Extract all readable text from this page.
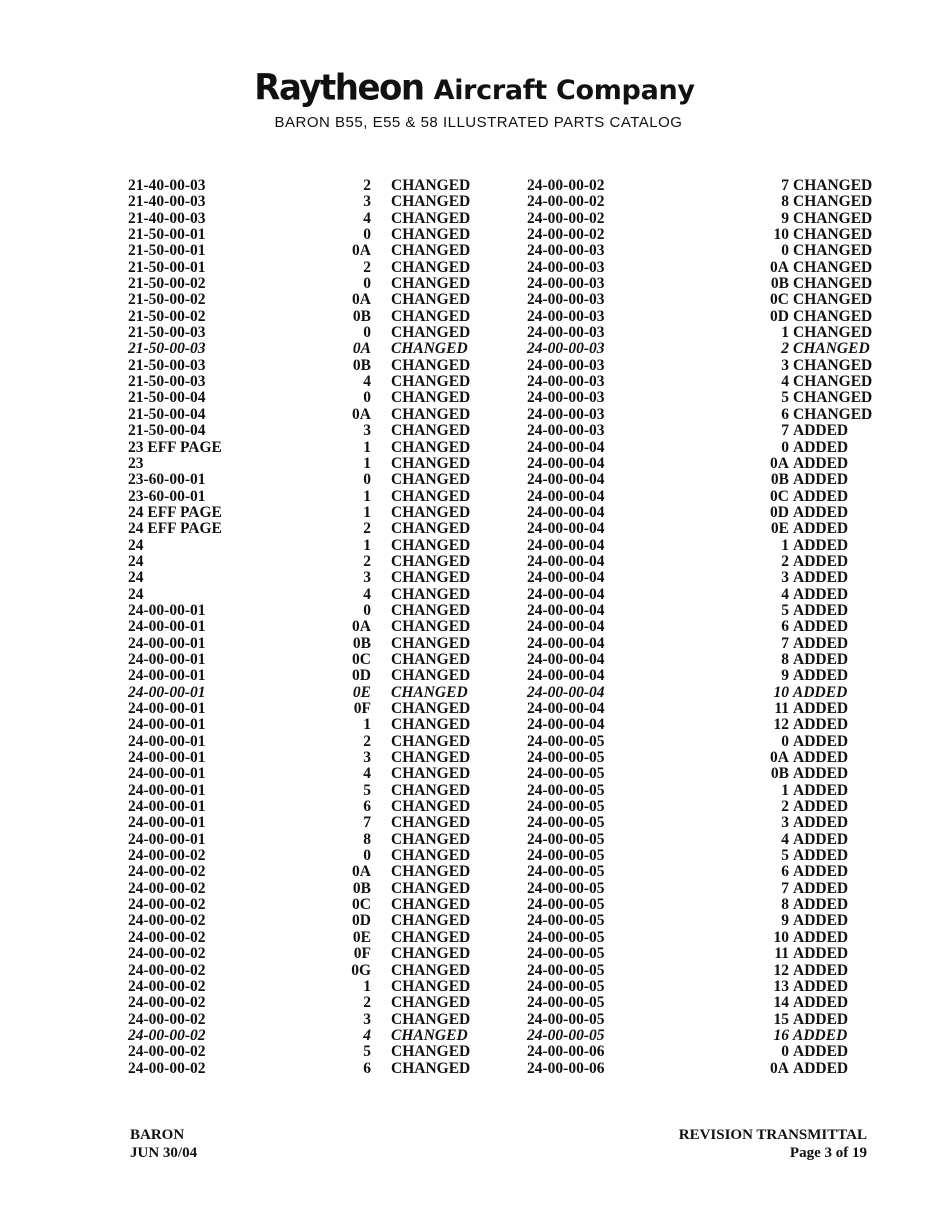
Raytheon Aircraft Company
BARON B55, E55 & 58 ILLUSTRATED PARTS CATALOG
21-40-00-03	2 CHANGED
21-40-00-03	3 CHANGED
21-40-00-03	4 CHANGED
21-50-00-01	0 CHANGED
21-50-00-01	0A CHANGED
21-50-00-01	2 CHANGED
21-50-00-02	0 CHANGED
21-50-00-02	0A CHANGED
21-50-00-02	0B CHANGED
21-50-00-03	0 CHANGED
21-50-00-03	0A CHANGED
21-50-00-03	0B CHANGED
21-50-00-03	4 CHANGED
21-50-00-04	0 CHANGED
21-50-00-04	0A CHANGED
21-50-00-04	3 CHANGED
23 EFF PAGE	1 CHANGED
23	1 CHANGED
23-60-00-01	0 CHANGED
23-60-00-01	1 CHANGED
24 EFF PAGE	1 CHANGED
24 EFF PAGE	2 CHANGED
24	1 CHANGED
24	2 CHANGED
24	3 CHANGED
24	4 CHANGED
24-00-00-01	0 CHANGED
24-00-00-01	0A CHANGED
24-00-00-01	0B CHANGED
24-00-00-01	0C CHANGED
24-00-00-01	0D CHANGED
24-00-00-01	0E CHANGED
24-00-00-01	0F CHANGED
24-00-00-01	1 CHANGED
24-00-00-01	2 CHANGED
24-00-00-01	3 CHANGED
24-00-00-01	4 CHANGED
24-00-00-01	5 CHANGED
24-00-00-01	6 CHANGED
24-00-00-01	7 CHANGED
24-00-00-01	8 CHANGED
24-00-00-02	0 CHANGED
24-00-00-02	0A CHANGED
24-00-00-02	0B CHANGED
24-00-00-02	0C CHANGED
24-00-00-02	0D CHANGED
24-00-00-02	0E CHANGED
24-00-00-02	0F CHANGED
24-00-00-02	0G CHANGED
24-00-00-02	1 CHANGED
24-00-00-02	2 CHANGED
24-00-00-02	3 CHANGED
24-00-00-02	4 CHANGED
24-00-00-02	5 CHANGED
24-00-00-02	6 CHANGED
24-00-00-02	7 CHANGED
24-00-00-02	8 CHANGED
24-00-00-02	9 CHANGED
24-00-00-02	10 CHANGED
24-00-00-03	0 CHANGED
24-00-00-03	0A CHANGED
24-00-00-03	0B CHANGED
24-00-00-03	0C CHANGED
24-00-00-03	0D CHANGED
24-00-00-03	1 CHANGED
24-00-00-03	2 CHANGED
24-00-00-03	3 CHANGED
24-00-00-03	4 CHANGED
24-00-00-03	5 CHANGED
24-00-00-03	6 CHANGED
24-00-00-03	7 ADDED
24-00-00-04	0 ADDED
24-00-00-04	0A ADDED
24-00-00-04	0B ADDED
24-00-00-04	0C ADDED
24-00-00-04	0D ADDED
24-00-00-04	0E ADDED
24-00-00-04	1 ADDED
24-00-00-04	2 ADDED
24-00-00-04	3 ADDED
24-00-00-04	4 ADDED
24-00-00-04	5 ADDED
24-00-00-04	6 ADDED
24-00-00-04	7 ADDED
24-00-00-04	8 ADDED
24-00-00-04	9 ADDED
24-00-00-04	10 ADDED
24-00-00-04	11 ADDED
24-00-00-04	12 ADDED
24-00-00-05	0 ADDED
24-00-00-05	0A ADDED
24-00-00-05	0B ADDED
24-00-00-05	1 ADDED
24-00-00-05	2 ADDED
24-00-00-05	3 ADDED
24-00-00-05	4 ADDED
24-00-00-05	5 ADDED
24-00-00-05	6 ADDED
24-00-00-05	7 ADDED
24-00-00-05	8 ADDED
24-00-00-05	9 ADDED
24-00-00-05	10 ADDED
24-00-00-05	11 ADDED
24-00-00-05	12 ADDED
24-00-00-05	13 ADDED
24-00-00-05	14 ADDED
24-00-00-05	15 ADDED
24-00-00-05	16 ADDED
24-00-00-06	0 ADDED
24-00-00-06	0A ADDED
BARON
JUN 30/04
REVISION TRANSMITTAL
Page 3 of 19
